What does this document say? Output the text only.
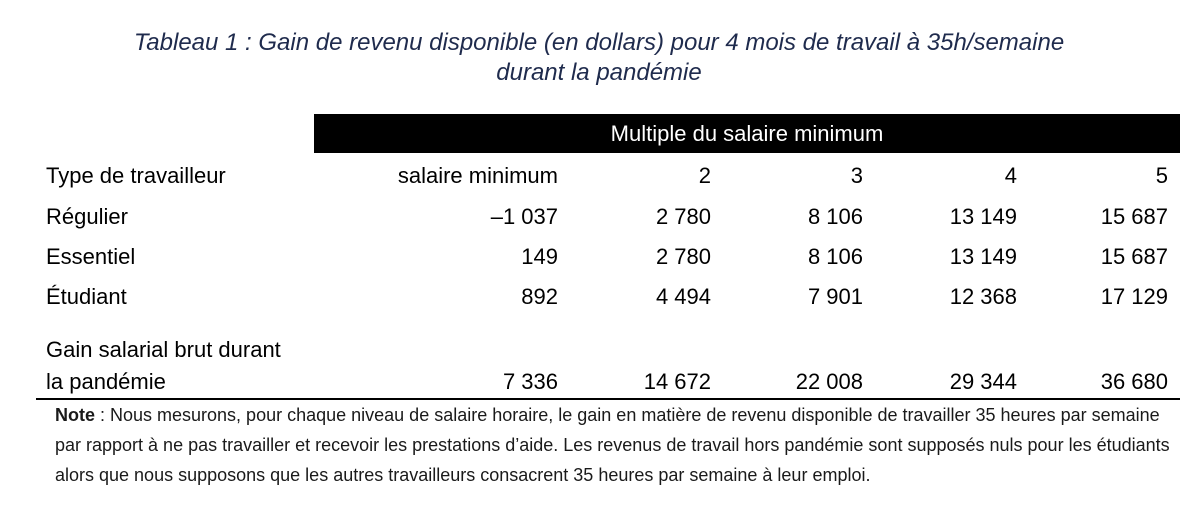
Tableau 1 : Gain de revenu disponible (en dollars) pour 4 mois de travail à 35h/semaine
durant la pandémie
Multiple du salaire minimum
Type de travailleur	salaire minimum	2	3	4	5
Régulier	–1 037	2 780	8 106	13 149	15 687
Essentiel	149	2 780	8 106	13 149	15 687
Étudiant	892	4 494	7 901	12 368	17 129
Gain salarial brut durant
la pandémie	7 336	14 672	22 008	29 344	36 680
Note : Nous mesurons, pour chaque niveau de salaire horaire, le gain en matière de revenu disponible de travailler 35 heures par semaine par rapport à ne pas travailler et recevoir les prestations d’aide. Les revenus de travail hors pandémie sont supposés nuls pour les étudiants alors que nous supposons que les autres travailleurs consacrent 35 heures par semaine à leur emploi.
